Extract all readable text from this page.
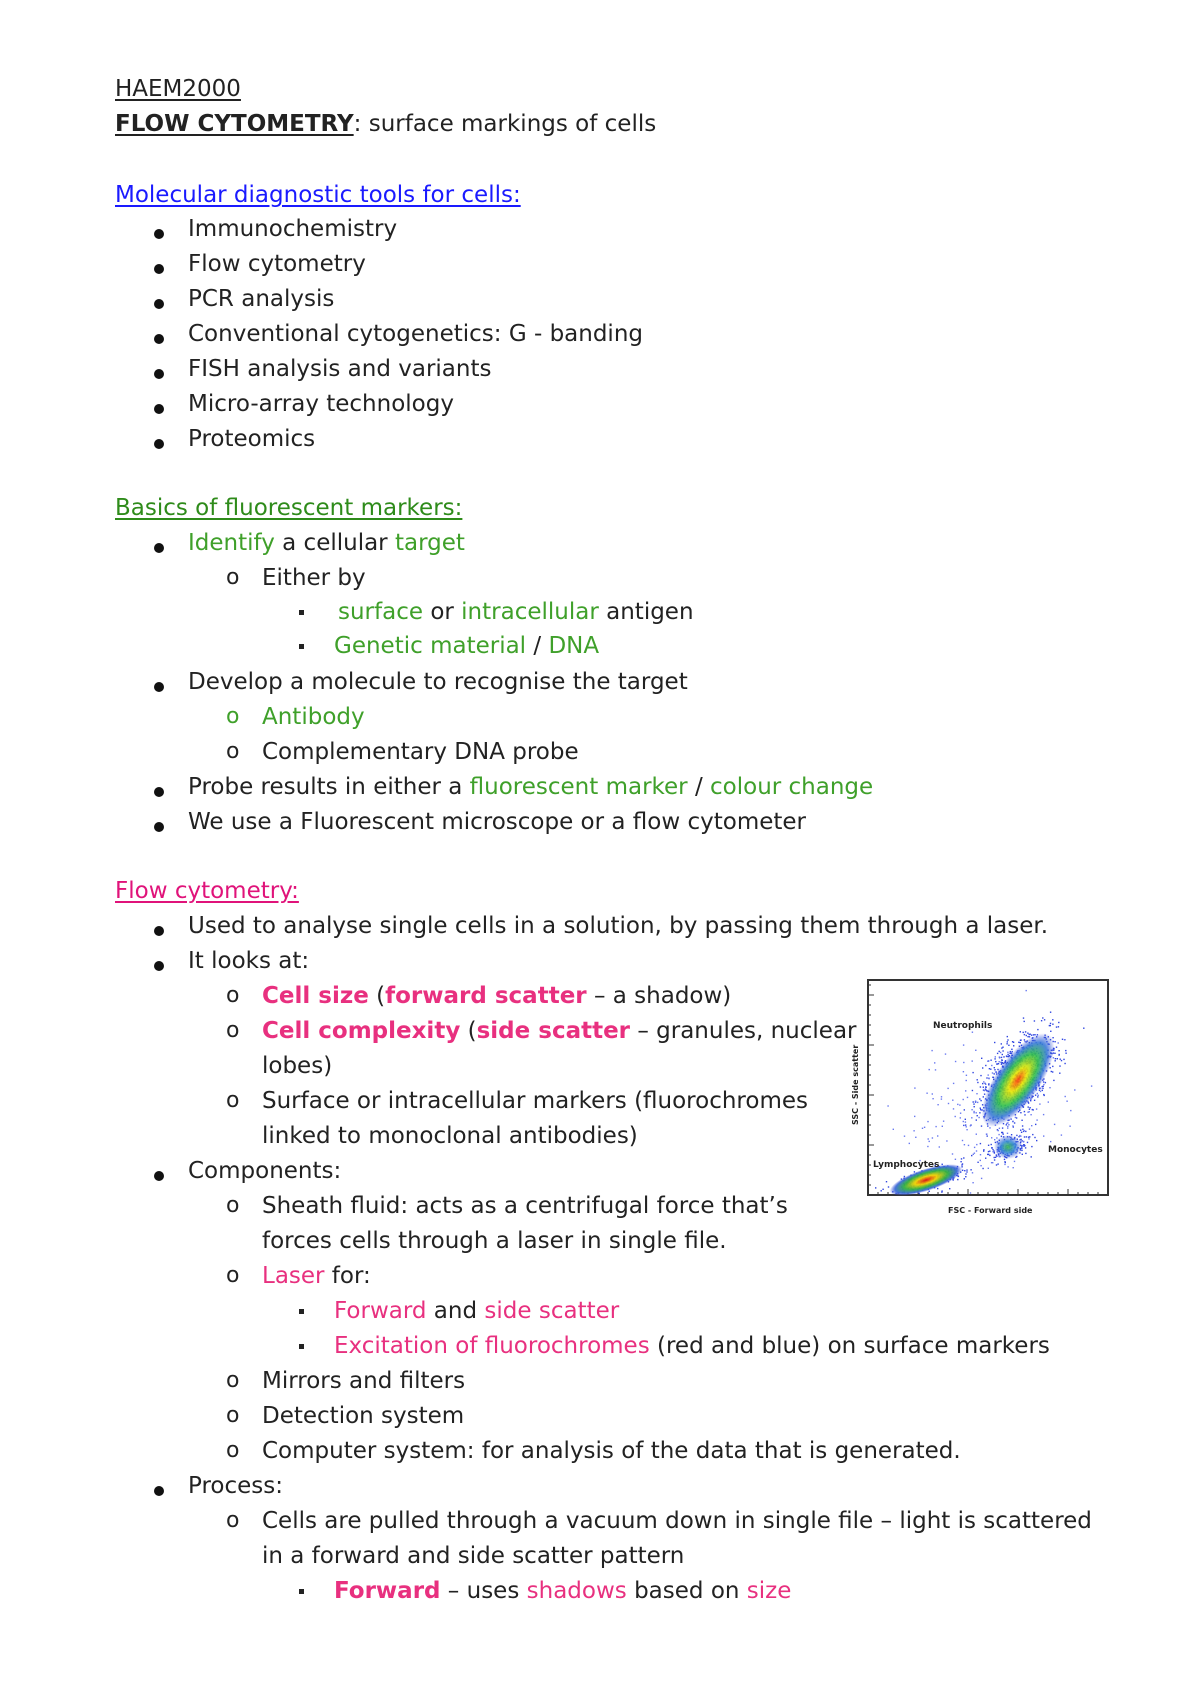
HAEM2000
FLOW CYTOMETRY: surface markings of cells
Molecular diagnostic tools for cells:
Immunochemistry
Flow cytometry
PCR analysis
Conventional cytogenetics: G - banding
FISH analysis and variants
Micro-array technology
Proteomics
Basics of fluorescent markers:
Identify a cellular target
o Either by
surface or intracellular antigen
Genetic material / DNA
Develop a molecule to recognise the target
o Antibody
o Complementary DNA probe
Probe results in either a fluorescent marker / colour change
We use a Fluorescent microscope or a flow cytometer
Flow cytometry:
Used to analyse single cells in a solution, by passing them through a laser.
It looks at:
o Cell size (forward scatter – a shadow)
o Cell complexity (side scatter – granules, nuclear
lobes)
o Surface or intracellular markers (fluorochromes
linked to monoclonal antibodies)
Components:
o Sheath fluid: acts as a centrifugal force that’s
forces cells through a laser in single file.
o Laser for:
Forward and side scatter
Excitation of fluorochromes (red and blue) on surface markers
o Mirrors and filters
o Detection system
o Computer system: for analysis of the data that is generated.
Process:
o Cells are pulled through a vacuum down in single file – light is scattered
in a forward and side scatter pattern
Forward – uses shadows based on size
Neutrophils
Monocytes
Lymphocytes
SSC - Side scatter
FSC - Forward side
